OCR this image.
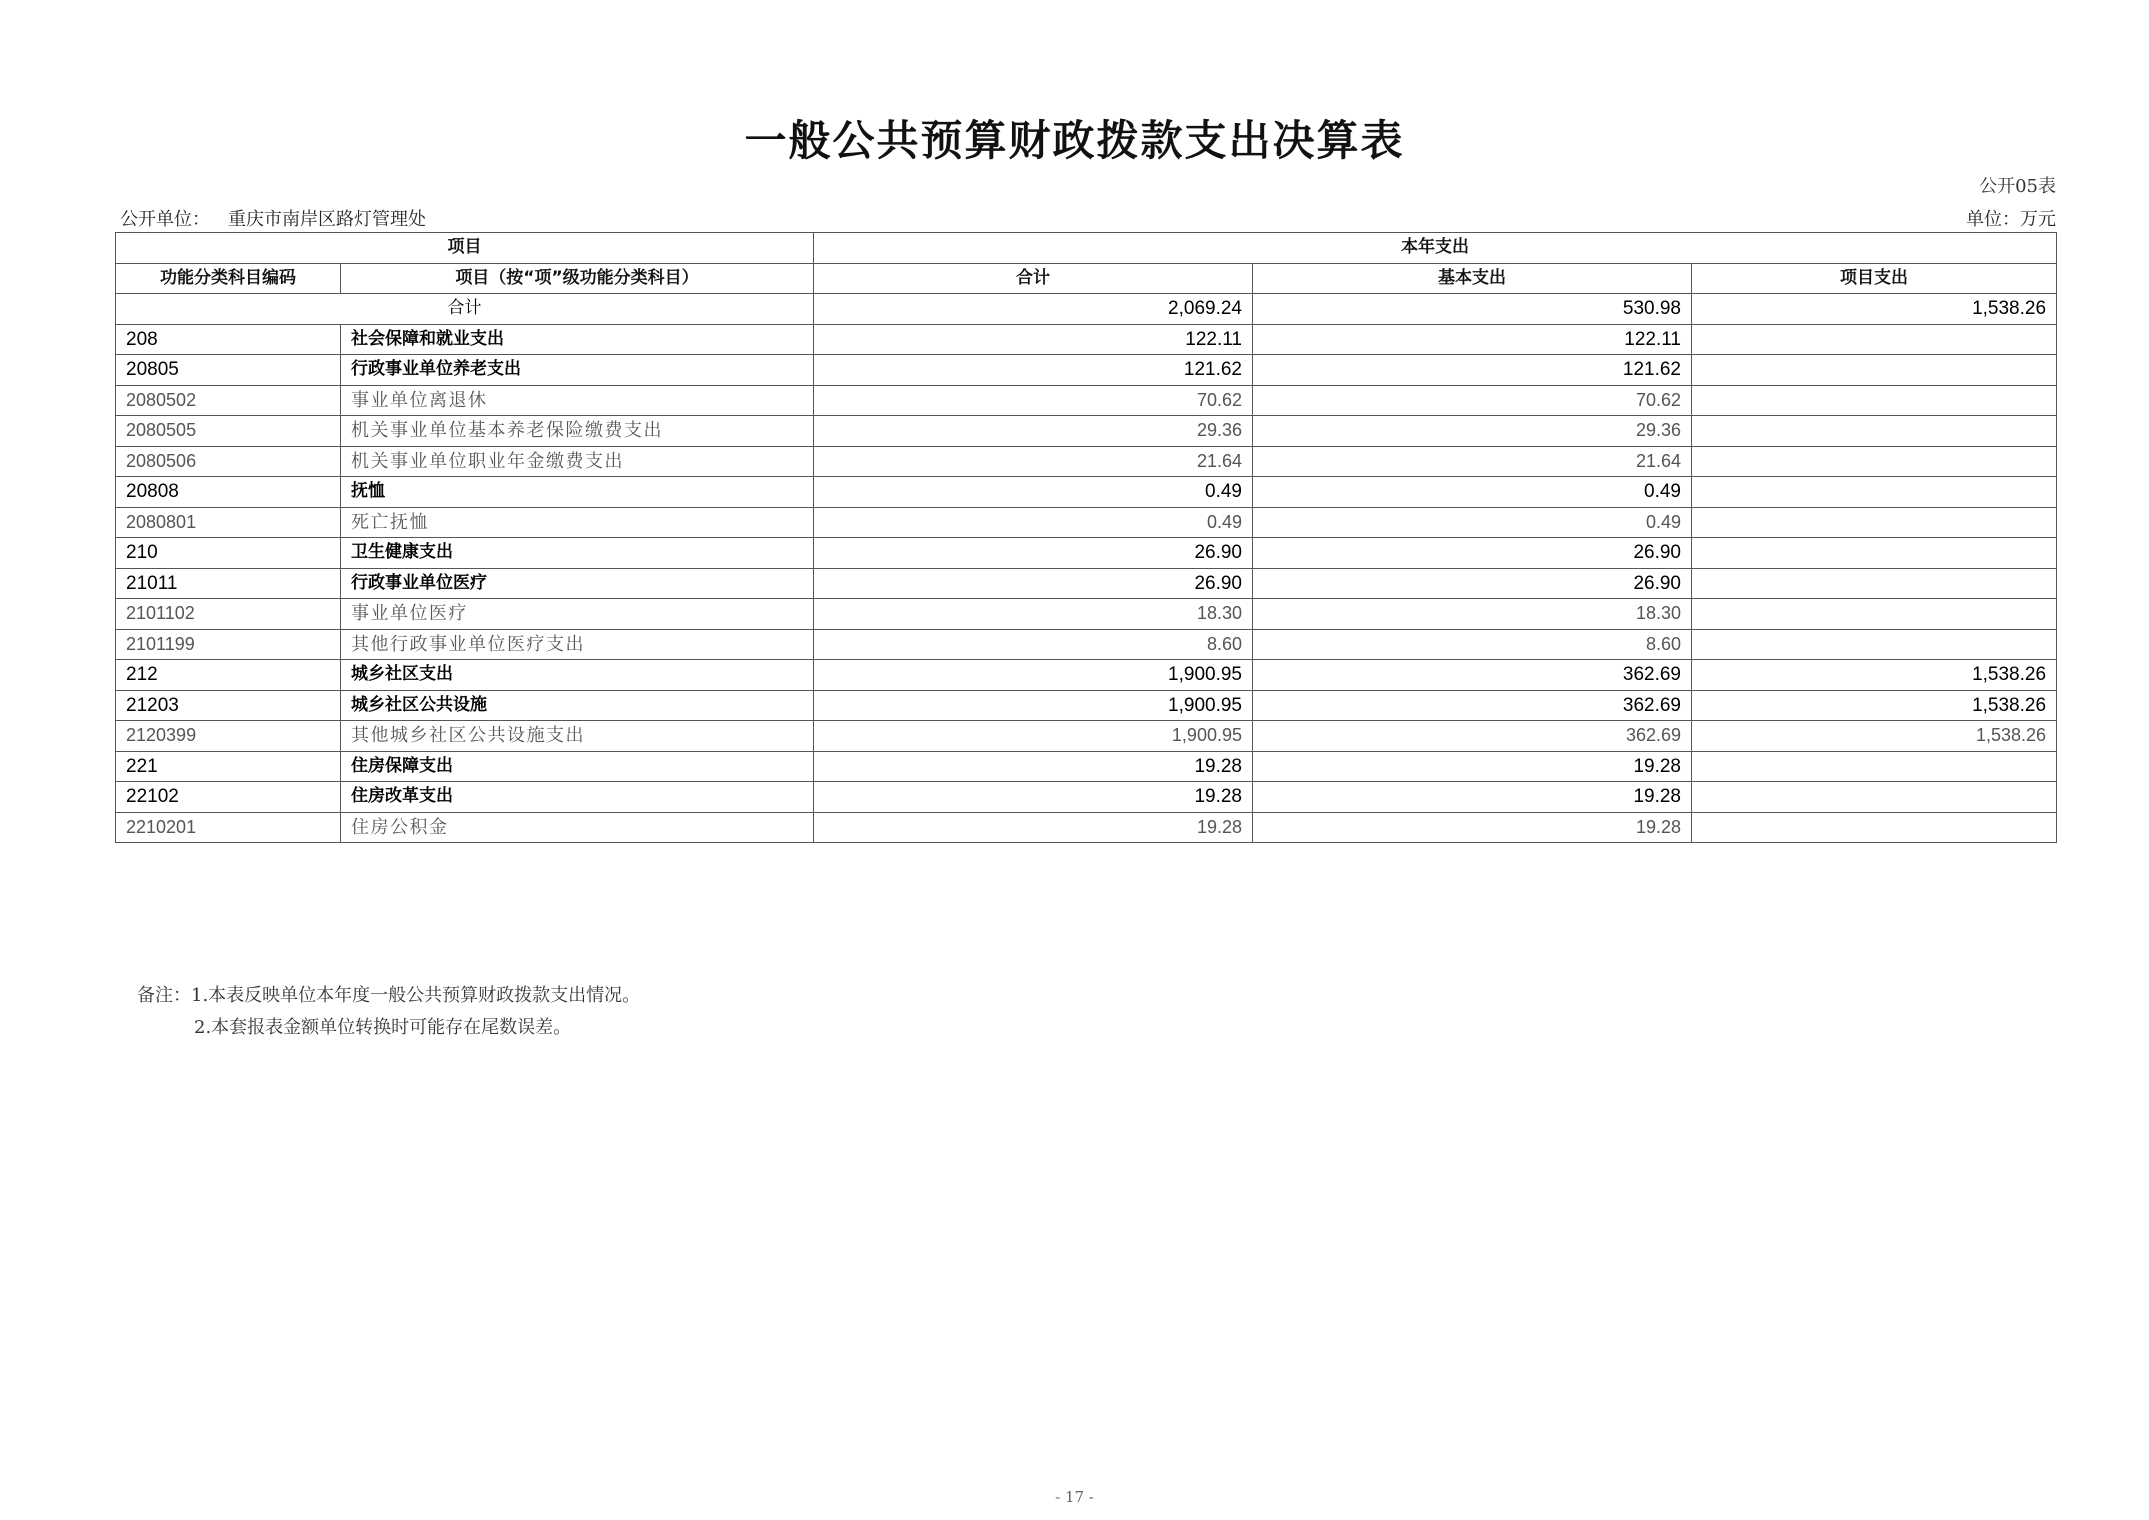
一般公共预算财政拨款支出决算表
公开05表
公开单位： 重庆市南岸区路灯管理处	单位：万元
项目		本年支出		
功能分类科目编码	项目（按“项”级功能分类科目）	合计	基本支出	项目支出
合计		2,069.24	530.98	1,538.26
208	社会保障和就业支出	122.11	122.11	
20805	行政事业单位养老支出	121.62	121.62	
2080502	事业单位离退休	70.62	70.62	
2080505	机关事业单位基本养老保险缴费支出	29.36	29.36	
2080506	机关事业单位职业年金缴费支出	21.64	21.64	
20808	抚恤	0.49	0.49	
2080801	死亡抚恤	0.49	0.49	
210	卫生健康支出	26.90	26.90	
21011	行政事业单位医疗	26.90	26.90	
2101102	事业单位医疗	18.30	18.30	
2101199	其他行政事业单位医疗支出	8.60	8.60	
212	城乡社区支出	1,900.95	362.69	1,538.26
21203	城乡社区公共设施	1,900.95	362.69	1,538.26
2120399	其他城乡社区公共设施支出	1,900.95	362.69	1,538.26
221	住房保障支出	19.28	19.28	
22102	住房改革支出	19.28	19.28	
2210201	住房公积金	19.28	19.28	
备注：1.本表反映单位本年度一般公共预算财政拨款支出情况。
2.本套报表金额单位转换时可能存在尾数误差。
- 17 -
